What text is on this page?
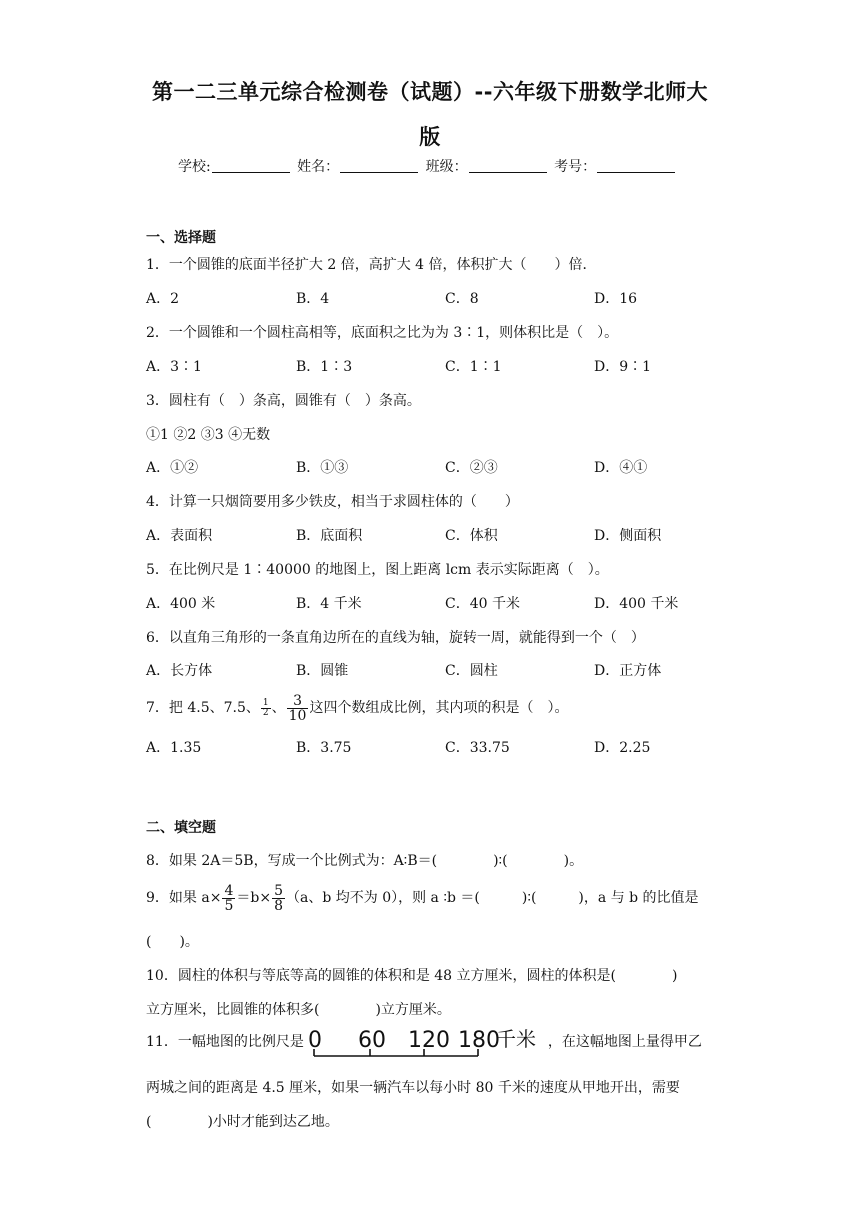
第一二三单元综合检测卷（试题）--六年级下册数学北师大
版
学校:	姓名：	班级：	考号：
一、选择题
1．一个圆锥的底面半径扩大 2 倍，高扩大 4 倍，体积扩大（　　）倍．
A．2	B．4	C．8	D．16
2．一个圆锥和一个圆柱高相等，底面积之比为为 3∶1，则体积比是（　）。
A．3∶1	B．1∶3	C．1∶1	D．9∶1
3．圆柱有（　）条高，圆锥有（　）条高。
①1 ②2 ③3 ④无数
A．①②	B．①③	C．②③	D．④①
4．计算一只烟筒要用多少铁皮，相当于求圆柱体的（　　）
A．表面积	B．底面积	C．体积	D．侧面积
5．在比例尺是 1∶40000 的地图上，图上距离 lcm 表示实际距离（　）。
A．400 米	B．4 千米	C．40 千米	D．400 千米
6．以直角三角形的一条直角边所在的直线为轴，旋转一周，就能得到一个（　）
A．长方体	B．圆锥	C．圆柱	D．正方体
7．把 4.5、7.5、 $\frac{1}{2}$ 、 $\frac{3}{10}$ 这四个数组成比例，其内项的积是（　）。
A．1.35	B．3.75	C．33.75	D．2.25
二、填空题
8．如果 2A＝5B，写成一个比例式为：A∶B＝(　　　　)∶(　　　　)。
9．如果 $a\times \frac{4}{5} =b\times \frac{5}{8} (a$、b 均不为 0），则 a ∶b ＝(　　　)∶(　　　)，a 与 b 的比值是
(　　)。
10．圆柱的体积与等底等高的圆锥的体积和是 48 立方厘米，圆柱的体积是(　　　　)
立方厘米，比圆锥的体积多(　　　　)立方厘米。
11．一幅地图的比例尺是 0 60 120 180
千米 ，在这幅地图上量得甲乙
两城之间的距离是 4.5 厘米，如果一辆汽车以每小时 80 千米的速度从甲地开出，需要
(　　　　)小时才能到达乙地。
